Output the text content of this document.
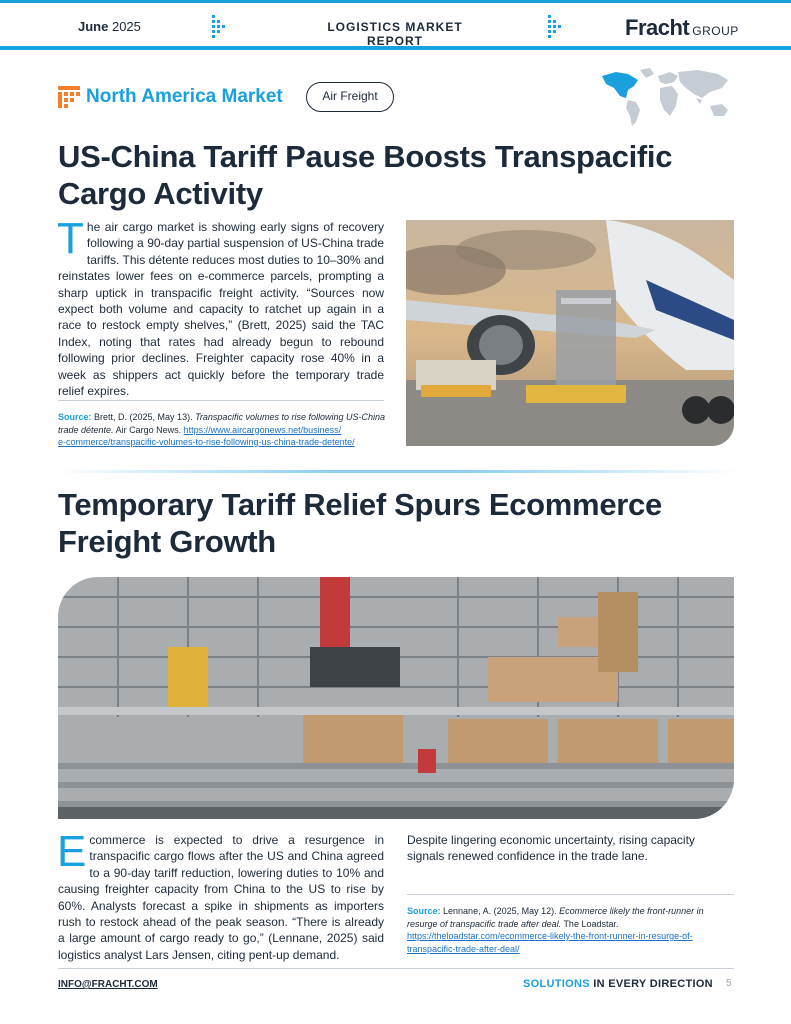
June 2025	LOGISTICS MARKET REPORT
Fracht GROUP
North America Market	Air Freight
US-China Tariff Pause Boosts Transpacific
Cargo Activity
The air cargo market is showing early signs of recovery following a 90-day partial suspension of US-China trade tariffs. This détente reduces most duties to 10–30% and reinstates lower fees on e-commerce parcels, prompting a sharp uptick in transpacific freight activity. “Sources now expect both volume and capacity to ratchet up again in a race to restock empty shelves,” (Brett, 2025) said the TAC Index, noting that rates had already begun to rebound following prior declines. Freighter capacity rose 40% in a week as shippers act quickly before the temporary trade relief expires.
Source: Brett, D. (2025, May 13). Transpacific volumes to rise following US-China trade détente. Air Cargo News. https://www.aircargonews.net/business/
e-commerce/transpacific-volumes-to-rise-following-us-china-trade-detente/
Temporary Tariff Relief Spurs Ecommerce
Freight Growth
Ecommerce is expected to drive a resurgence in transpacific cargo flows after the US and China agreed to a 90-day tariff reduction, lowering duties to 10% and causing freighter capacity from China to the US to rise by 60%. Analysts forecast a spike in shipments as importers rush to restock ahead of the peak season. “There is already a large amount of cargo ready to go,” (Lennane, 2025) said logistics analyst Lars Jensen, citing pent-up demand.
Despite lingering economic uncertainty, rising capacity signals renewed confidence in the trade lane.
Source: Lennane, A. (2025, May 12). Ecommerce likely the front-runner in resurge of transpacific trade after deal. The Loadstar.
https://theloadstar.com/ecommerce-likely-the-front-runner-in-resurge-of-
transpacific-trade-after-deal/
INFO@FRACHT.COM	SOLUTIONS IN EVERY DIRECTION 5
